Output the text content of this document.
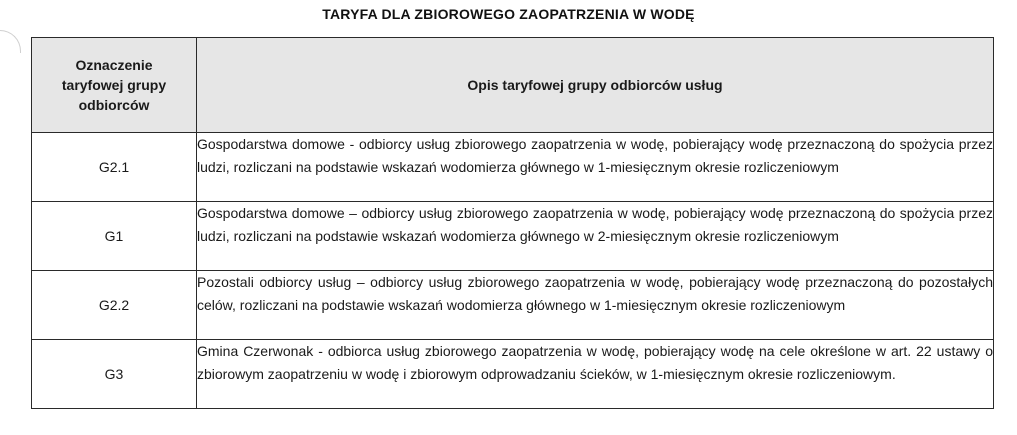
TARYFA DLA ZBIOROWEGO ZAOPATRZENIA W WODĘ
Oznaczenie taryfowej grupy odbiorców	Opis taryfowej grupy odbiorców usług
G2.1	Gospodarstwa domowe - odbiorcy usług zbiorowego zaopatrzenia w wodę, pobierający wodę przeznaczoną do spożycia przez ludzi, rozliczani na podstawie wskazań wodomierza głównego w 1-miesięcznym okresie rozliczeniowym
G1	Gospodarstwa domowe – odbiorcy usług zbiorowego zaopatrzenia w wodę, pobierający wodę przeznaczoną do spożycia przez ludzi, rozliczani na podstawie wskazań wodomierza głównego w 2-miesięcznym okresie rozliczeniowym
G2.2	Pozostali odbiorcy usług – odbiorcy usług zbiorowego zaopatrzenia w wodę, pobierający wodę przeznaczoną do pozostałych celów, rozliczani na podstawie wskazań wodomierza głównego w 1-miesięcznym okresie rozliczeniowym
G3	Gmina Czerwonak - odbiorca usług zbiorowego zaopatrzenia w wodę, pobierający wodę na cele określone w art. 22 ustawy o zbiorowym zaopatrzeniu w wodę i zbiorowym odprowadzaniu ścieków, w 1-miesięcznym okresie rozliczeniowym.
